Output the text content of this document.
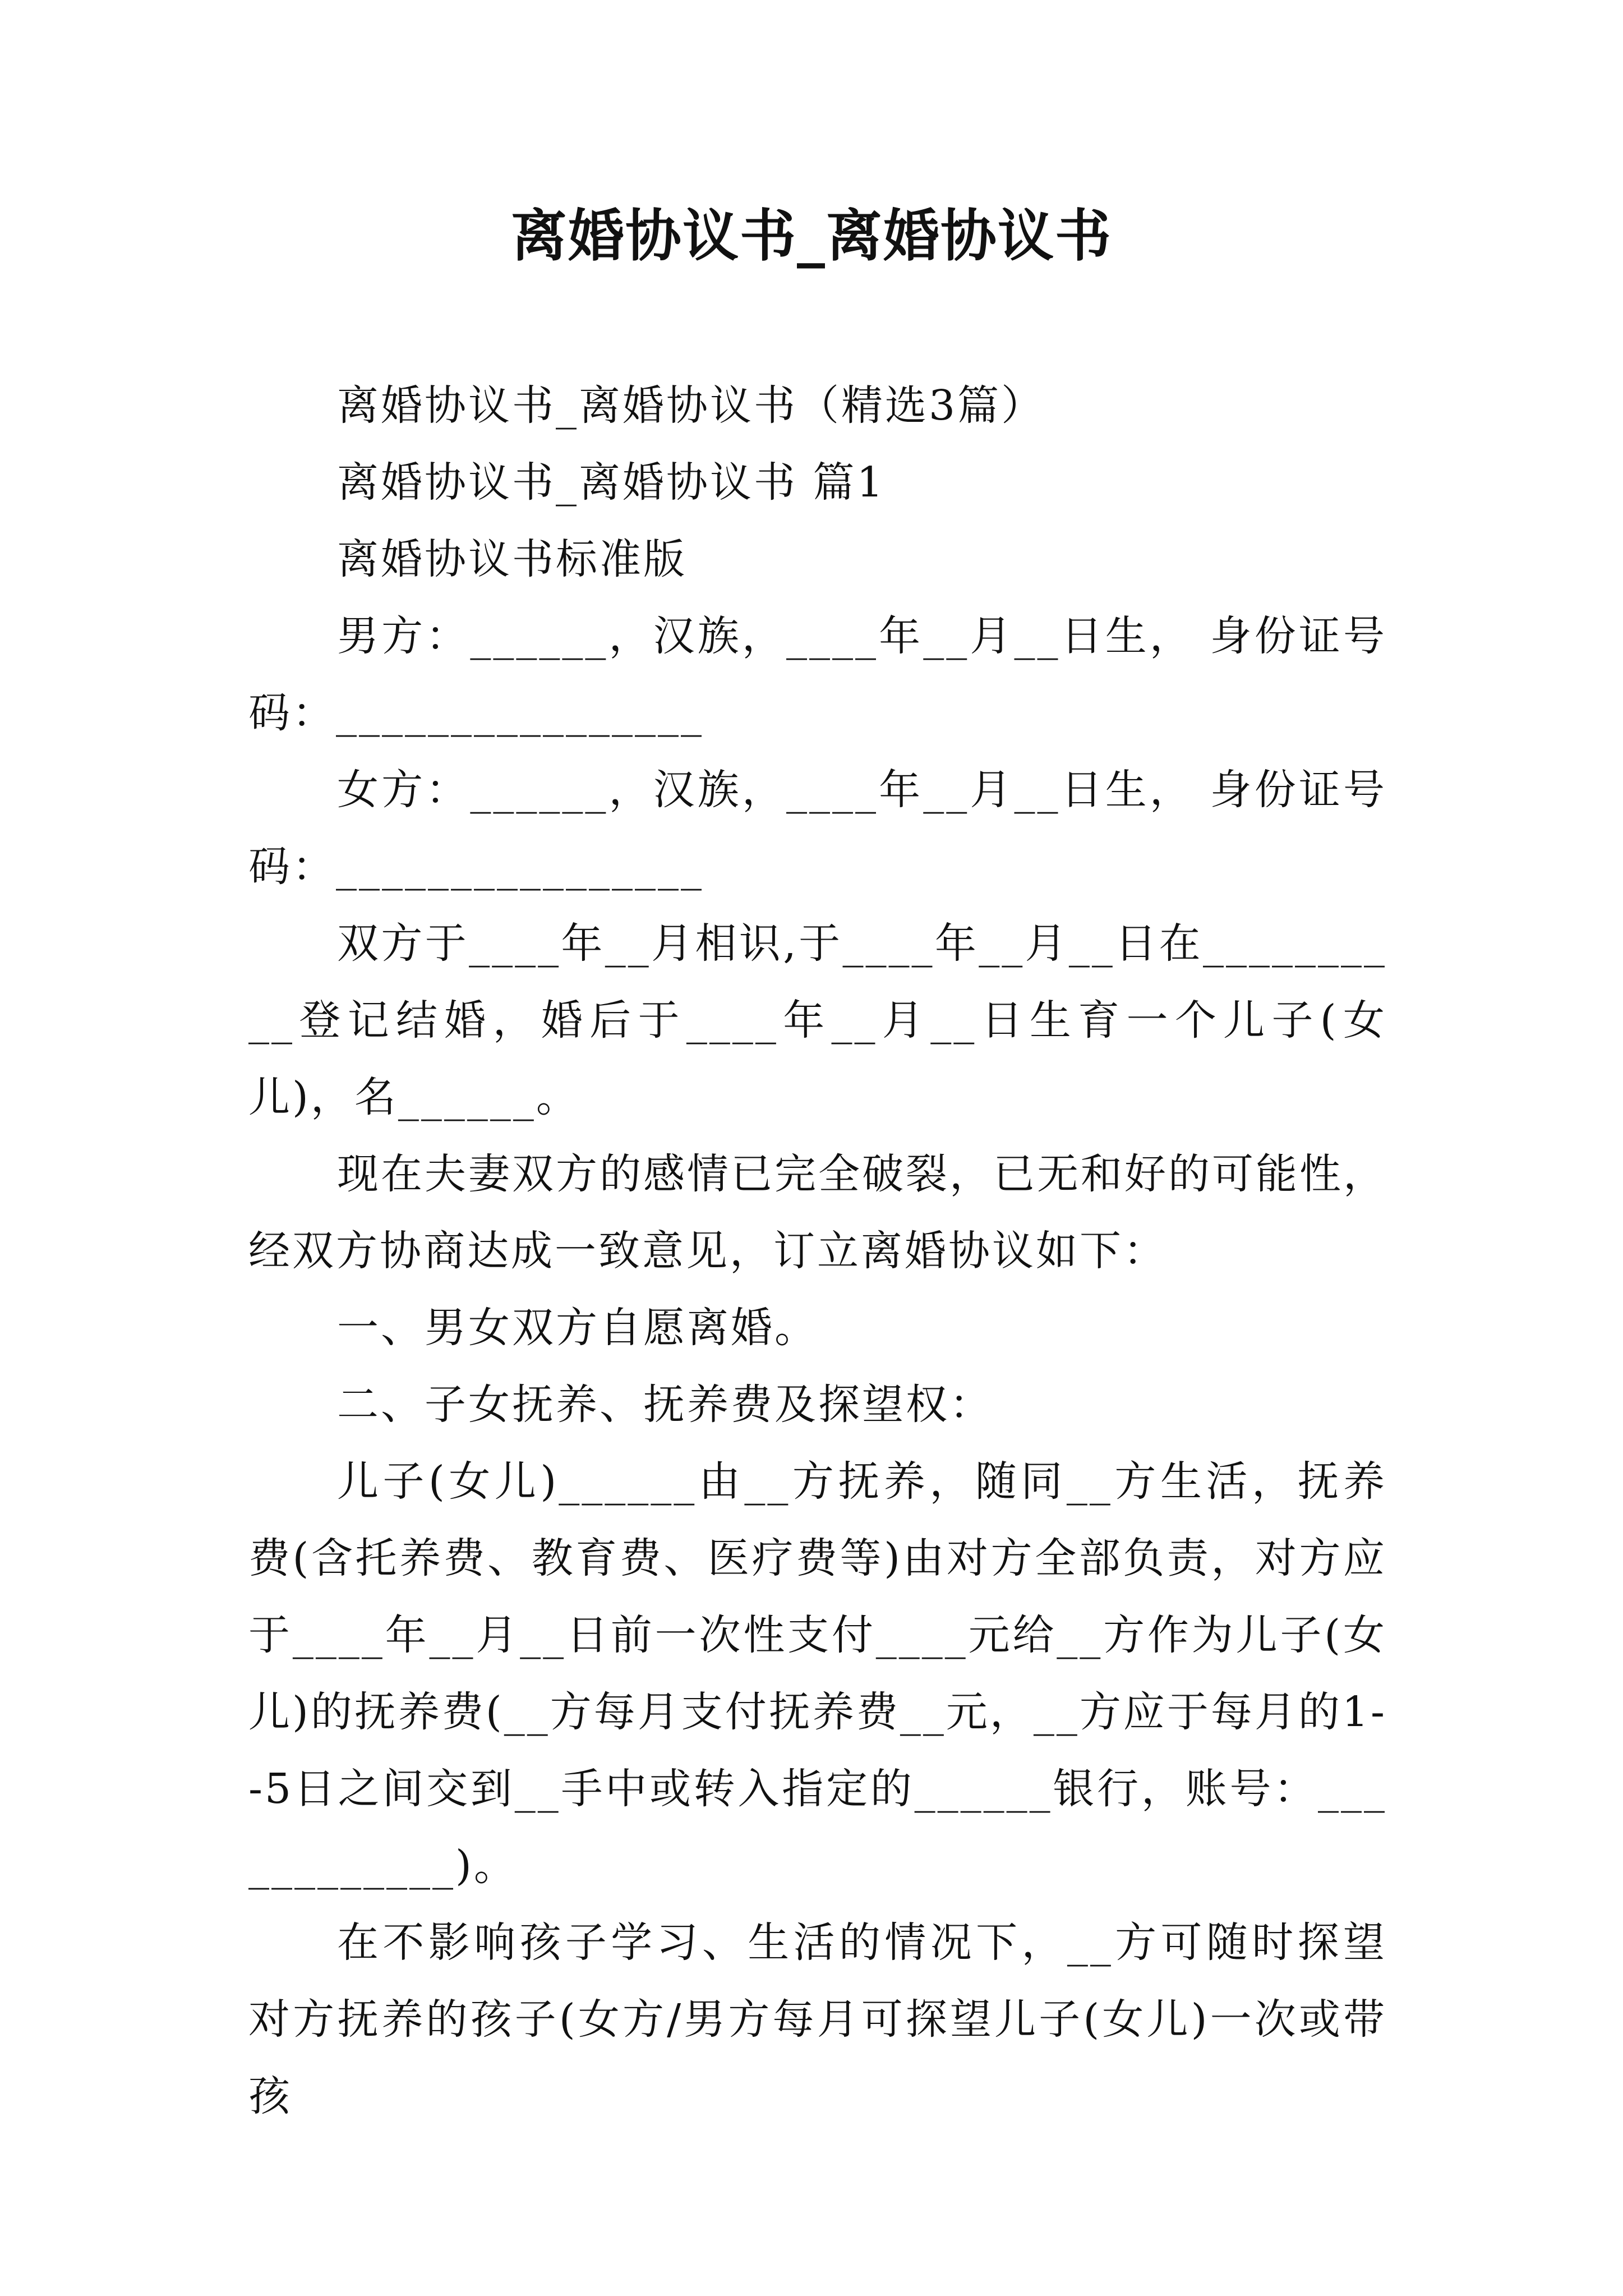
离婚协议书_离婚协议书

离婚协议书_离婚协议书（精选3篇）

离婚协议书_离婚协议书 篇1

离婚协议书标准版

男方：______，汉族，____年__月__日生， 身份证号码：________________

女方：______，汉族，____年__月__日生， 身份证号码：________________

双方于____年__月相识,于____年__月__日在__________登记结婚，婚后于____年__月__日生育一个儿子(女儿)，名______。

现在夫妻双方的感情已完全破裂，已无和好的可能性，经双方协商达成一致意见，订立离婚协议如下：

一、男女双方自愿离婚。

二、子女抚养、抚养费及探望权：

儿子(女儿)______由__方抚养，随同__方生活，抚养费(含托养费、教育费、医疗费等)由对方全部负责，对方应于____年__月__日前一次性支付____元给__方作为儿子(女儿)的抚养费(__方每月支付抚养费__元，__方应于每月的1--5日之间交到__手中或转入指定的______银行，账号：____________)。

在不影响孩子学习、生活的情况下，__方可随时探望对方抚养的孩子(女方/男方每月可探望儿子(女儿)一次或带孩
